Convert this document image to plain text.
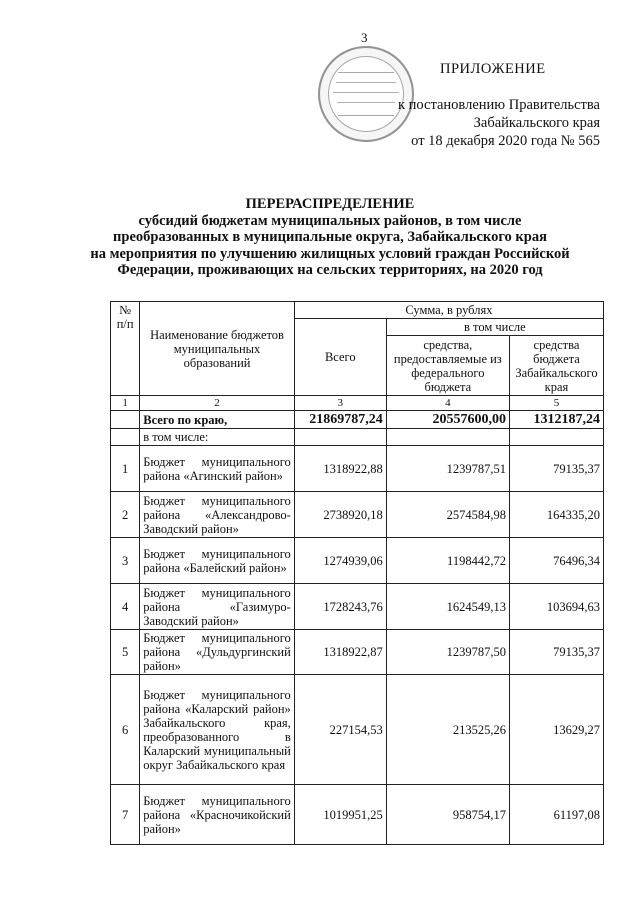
3
ПРИЛОЖЕНИЕ
к постановлению Правительства
Забайкальского края
от 18 декабря 2020 года № 565
ПЕРЕРАСПРЕДЕЛЕНИЕ
субсидий бюджетам муниципальных районов, в том числе
преобразованных в муниципальные округа, Забайкальского края
на мероприятия по улучшению жилищных условий граждан Российской
Федерации, проживающих на сельских территориях, на 2020 год
№ п/п	Наименование бюджетов муниципальных образований	Сумма, в рублях		
		Всего	в том числе	
			средства, предоставляемые из федерального бюджета	средства бюджета Забайкальского края
1	2	3	4	5
	Всего по краю,	21869787,24	20557600,00	1312187,24
	в том числе:			
1	Бюджет муниципального района «Агинский район»	1318922,88	1239787,51	79135,37
2	Бюджет муниципального района «Александрово-Заводский район»	2738920,18	2574584,98	164335,20
3	Бюджет муниципального района «Балейский район»	1274939,06	1198442,72	76496,34
4	Бюджет муниципального района «Газимуро-Заводский район»	1728243,76	1624549,13	103694,63
5	Бюджет муниципального района «Дульдургинский район»	1318922,87	1239787,50	79135,37
6	Бюджет муниципального района «Каларский район» Забайкальского края, преобразованного в Каларский муниципальный округ Забайкальского края	227154,53	213525,26	13629,27
7	Бюджет муниципального района «Красночикойский район»	1019951,25	958754,17	61197,08
